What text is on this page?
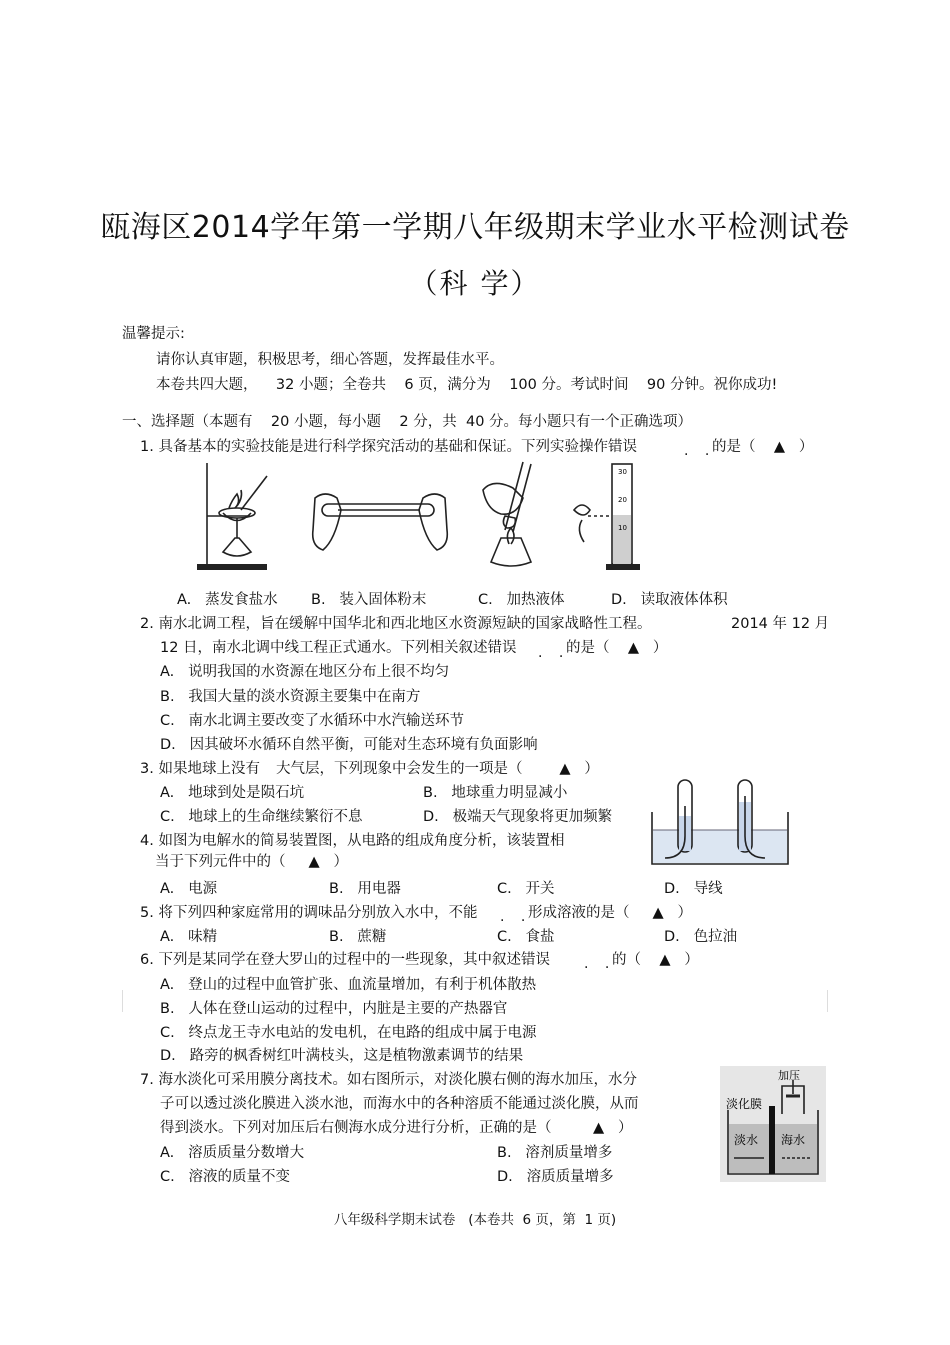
瓯海区2014学年第一学期八年级期末学业水平检测试卷
（科 学）
温馨提示:
请你认真审题，积极思考，细心答题，发挥最佳水平。
本卷共四大题，    32 小题；全卷共    6 页，满分为    100 分。考试时间    90 分钟。祝你成功!
一、选择题（本题有    20 小题，每小题    2 分，共  40 分。每小题只有一个正确选项）
1. 具备基本的实验技能是进行科学探究活动的基础和保证。下列实验操作错误	. .
的是（    ▲   ）
30
20
10
A.   蒸发食盐水 B.   装入固体粉末	C.   加热液体	D.   读取液体体积
2. 南水北调工程，旨在缓解中国华北和西北地区水资源短缺的国家战略性工程。	2014 年 12 月
12 日，南水北调中线工程正式通水。下列相关叙述错误 . .
的是（    ▲   ）
A.   说明我国的水资源在地区分布上很不均匀
B.   我国大量的淡水资源主要集中在南方
C.   南水北调主要改变了水循环中水汽输送环节
D.   因其破坏水循环自然平衡，可能对生态环境有负面影响
3. 如果地球上没有 大气层，下列现象中会发生的一项是（        ▲   ）
A.   地球到处是陨石坑	B.   地球重力明显减小
C.   地球上的生命继续繁衍不息	D.   极端天气现象将更加频繁
4. 如图为电解水的简易装置图，从电路的组成角度分析，该装置相
当于下列元件中的（     ▲   ）
A.   电源	B.   用电器	C.   开关	D.   导线
5. 将下列四种家庭常用的调味品分别放入水中，不能 . .
形成溶液的是（     ▲   ）
A.   味精	B.   蔗糖	C.   食盐	D.   色拉油
6. 下列是某同学在登大罗山的过程中的一些现象，其中叙述错误 . .
的（    ▲   ）
A.   登山的过程中血管扩张、血流量增加，有利于机体散热
B.   人体在登山运动的过程中，内脏是主要的产热器官
C.   终点龙王寺水电站的发电机，在电路的组成中属于电源
D.   路旁的枫香树红叶满枝头，这是植物激素调节的结果
7. 海水淡化可采用膜分离技术。如右图所示，对淡化膜右侧的海水加压，水分
子可以透过淡化膜进入淡水池，而海水中的各种溶质不能通过淡化膜，从而
得到淡水。下列对加压后右侧海水成分进行分析，正确的是（         ▲   ）
A.   溶质质量分数增大	B.   溶剂质量增多
C.   溶液的质量不变	D.   溶质质量增多
加压
淡化膜
淡水 海水
八年级科学期末试卷   (本卷共  6 页，第  1 页)
